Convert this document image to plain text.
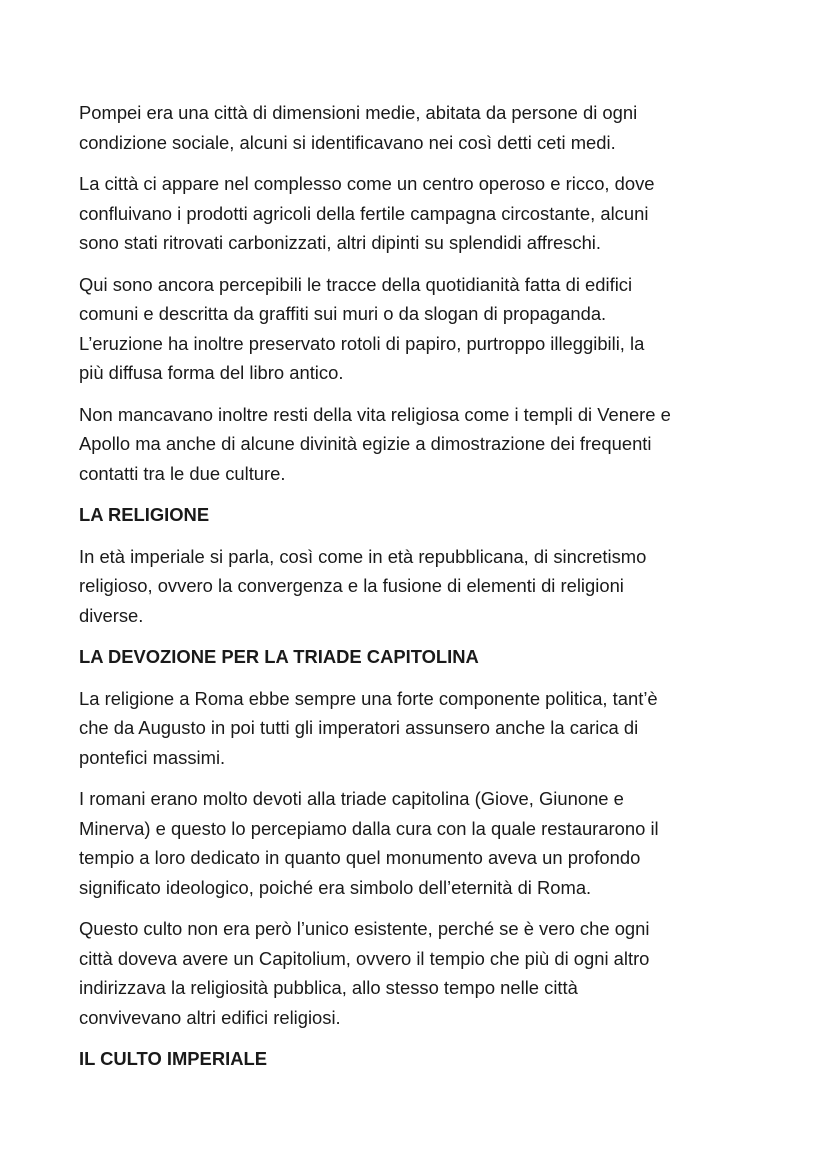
Pompei era una città di dimensioni medie, abitata da persone di ogni
condizione sociale, alcuni si identificavano nei così detti ceti medi.

La città ci appare nel complesso come un centro operoso e ricco, dove
confluivano i prodotti agricoli della fertile campagna circostante, alcuni
sono stati ritrovati carbonizzati, altri dipinti su splendidi affreschi.

Qui sono ancora percepibili le tracce della quotidianità fatta di edifici
comuni e descritta da graffiti sui muri o da slogan di propaganda.
L’eruzione ha inoltre preservato rotoli di papiro, purtroppo illeggibili, la
più diffusa forma del libro antico.

Non mancavano inoltre resti della vita religiosa come i templi di Venere e
Apollo ma anche di alcune divinità egizie a dimostrazione dei frequenti
contatti tra le due culture.

LA RELIGIONE

In età imperiale si parla, così come in età repubblicana, di sincretismo
religioso, ovvero la convergenza e la fusione di elementi di religioni
diverse.

LA DEVOZIONE PER LA TRIADE CAPITOLINA

La religione a Roma ebbe sempre una forte componente politica, tant’è
che da Augusto in poi tutti gli imperatori assunsero anche la carica di
pontefici massimi.

I romani erano molto devoti alla triade capitolina (Giove, Giunone e
Minerva) e questo lo percepiamo dalla cura con la quale restaurarono il
tempio a loro dedicato in quanto quel monumento aveva un profondo
significato ideologico, poiché era simbolo dell’eternità di Roma.

Questo culto non era però l’unico esistente, perché se è vero che ogni
città doveva avere un Capitolium, ovvero il tempio che più di ogni altro
indirizzava la religiosità pubblica, allo stesso tempo nelle città
convivevano altri edifici religiosi.

IL CULTO IMPERIALE
